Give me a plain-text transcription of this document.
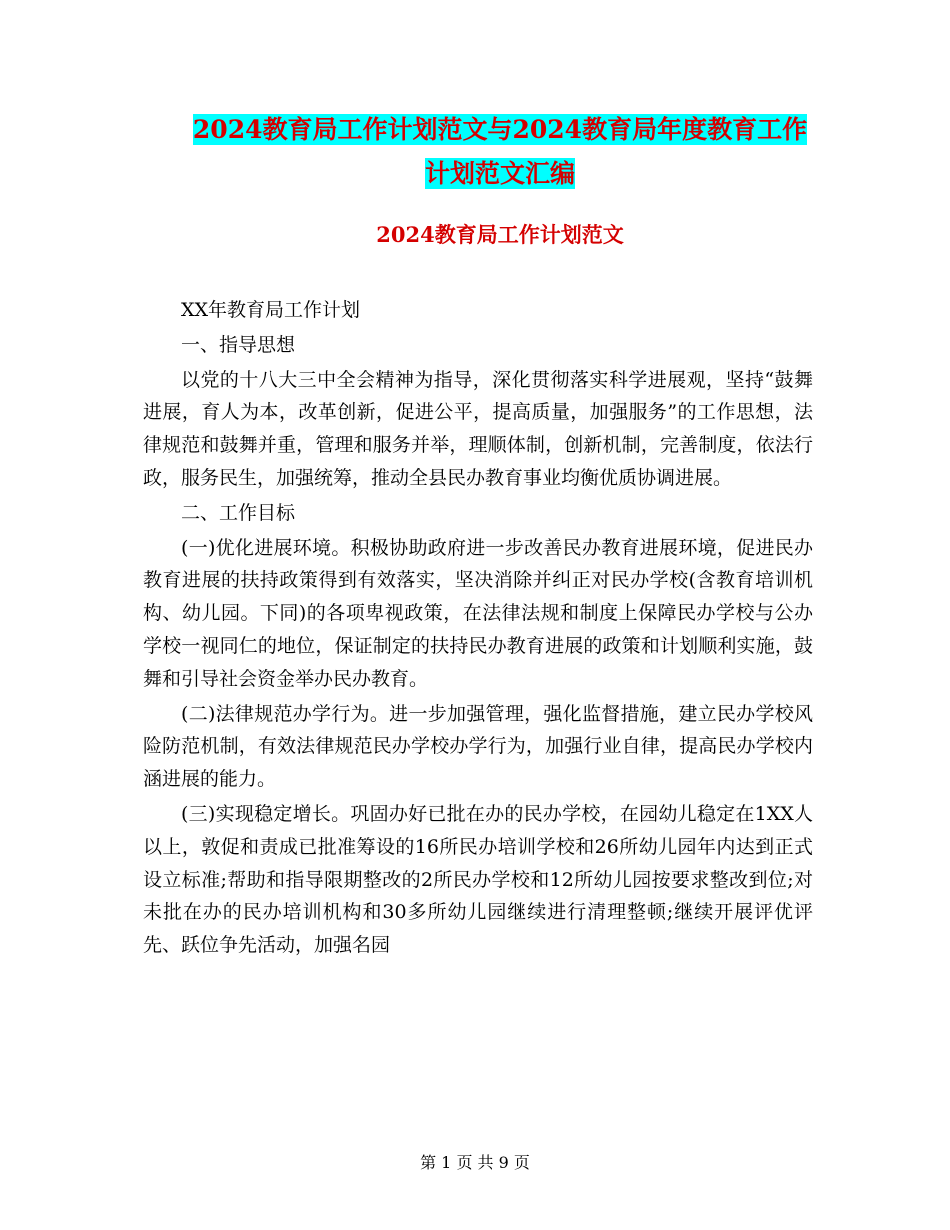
2024教育局工作计划范文与2024教育局年度教育工作
计划范文汇编
2024教育局工作计划范文

XX年教育局工作计划

一、指导思想

以党的十八大三中全会精神为指导，深化贯彻落实科学进展观，坚持“鼓舞进展，育人为本，改革创新，促进公平，提高质量，加强服务”的工作思想，法律规范和鼓舞并重，管理和服务并举，理顺体制，创新机制，完善制度，依法行政，服务民生，加强统筹，推动全县民办教育事业均衡优质协调进展。

二、工作目标

(一)优化进展环境。积极协助政府进一步改善民办教育进展环境，促进民办教育进展的扶持政策得到有效落实，坚决消除并纠正对民办学校(含教育培训机构、幼儿园。下同)的各项卑视政策，在法律法规和制度上保障民办学校与公办学校一视同仁的地位，保证制定的扶持民办教育进展的政策和计划顺利实施，鼓舞和引导社会资金举办民办教育。

(二)法律规范办学行为。进一步加强管理，强化监督措施，建立民办学校风险防范机制，有效法律规范民办学校办学行为，加强行业自律，提高民办学校内涵进展的能力。

(三)实现稳定增长。巩固办好已批在办的民办学校，在园幼儿稳定在1XX人以上，敦促和责成已批准筹设的16所民办培训学校和26所幼儿园年内达到正式设立标准;帮助和指导限期整改的2所民办学校和12所幼儿园按要求整改到位;对未批在办的民办培训机构和30多所幼儿园继续进行清理整顿;继续开展评优评先、跃位争先活动，加强名园

第 1 页 共 9 页
